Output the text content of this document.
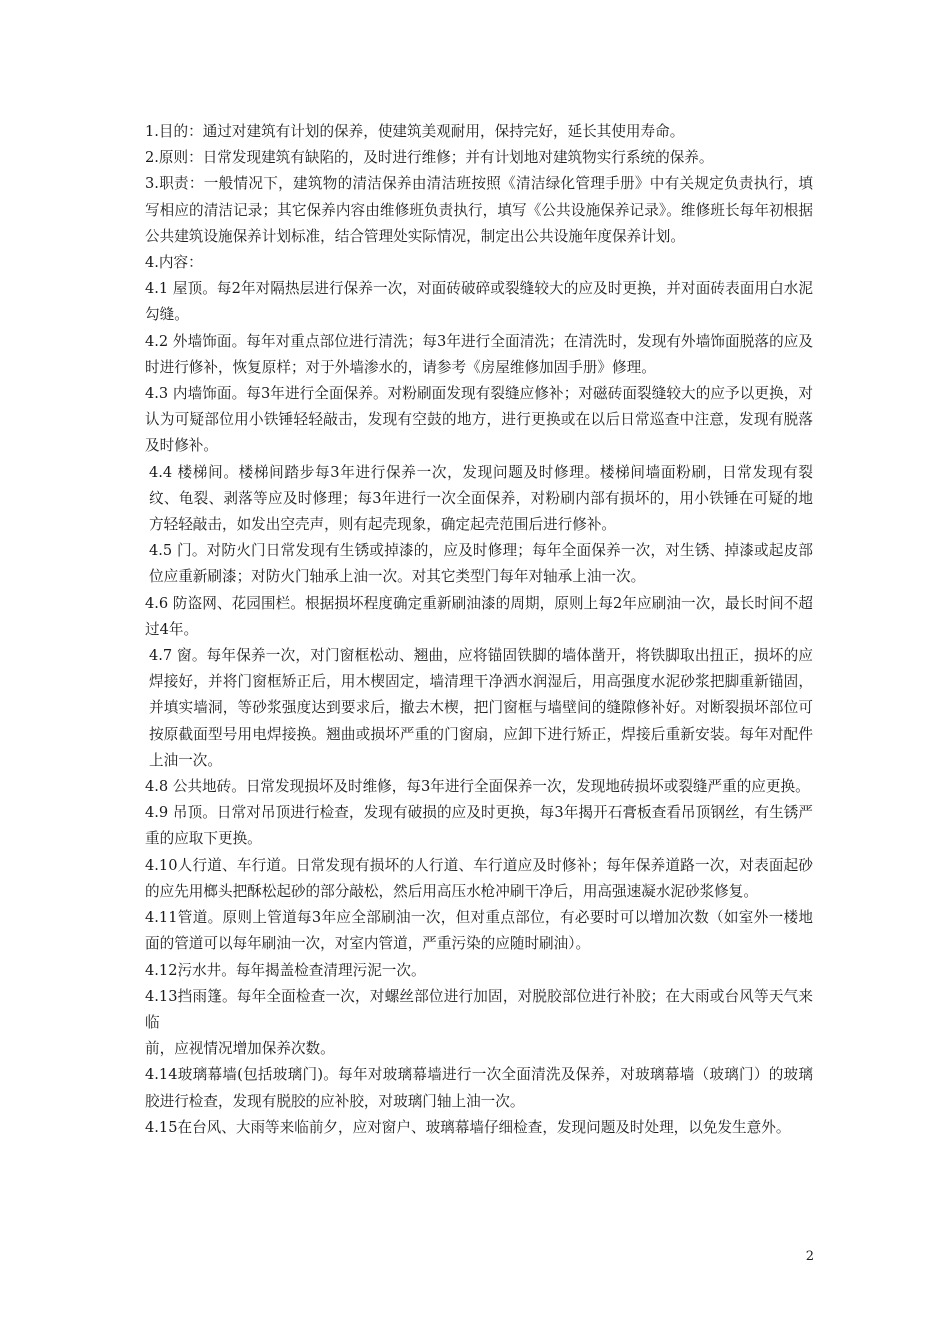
1.目的：通过对建筑有计划的保养，使建筑美观耐用，保持完好，延长其使用寿命。

2.原则：日常发现建筑有缺陷的，及时进行维修；并有计划地对建筑物实行系统的保养。

3.职责：一般情况下，建筑物的清洁保养由清洁班按照《清洁绿化管理手册》中有关规定负责执行，填写相应的清洁记录；其它保养内容由维修班负责执行，填写《公共设施保养记录》。维修班长每年初根据公共建筑设施保养计划标准，结合管理处实际情况，制定出公共设施年度保养计划。

4.内容：

4.1 屋顶。每2年对隔热层进行保养一次，对面砖破碎或裂缝较大的应及时更换，并对面砖表面用白水泥勾缝。

4.2 外墙饰面。每年对重点部位进行清洗；每3年进行全面清洗；在清洗时，发现有外墙饰面脱落的应及时进行修补，恢复原样；对于外墙渗水的，请参考《房屋维修加固手册》修理。

4.3 内墙饰面。每3年进行全面保养。对粉刷面发现有裂缝应修补；对磁砖面裂缝较大的应予以更换，对认为可疑部位用小铁锤轻轻敲击，发现有空鼓的地方，进行更换或在以后日常巡查中注意，发现有脱落及时修补。

4.4 楼梯间。楼梯间踏步每3年进行保养一次，发现问题及时修理。楼梯间墙面粉刷，日常发现有裂纹、龟裂、剥落等应及时修理；每3年进行一次全面保养，对粉刷内部有损坏的，用小铁锤在可疑的地方轻轻敲击，如发出空壳声，则有起壳现象，确定起壳范围后进行修补。

4.5 门。对防火门日常发现有生锈或掉漆的，应及时修理；每年全面保养一次，对生锈、掉漆或起皮部位应重新刷漆；对防火门轴承上油一次。对其它类型门每年对轴承上油一次。

4.6 防盗网、花园围栏。根据损坏程度确定重新刷油漆的周期，原则上每2年应刷油一次，最长时间不超过4年。

4.7 窗。每年保养一次，对门窗框松动、翘曲，应将锚固铁脚的墙体凿开，将铁脚取出扭正，损坏的应焊接好，并将门窗框矫正后，用木楔固定，墙清理干净洒水润湿后，用高强度水泥砂浆把脚重新锚固，并填实墙洞，等砂浆强度达到要求后，撤去木楔，把门窗框与墙壁间的缝隙修补好。对断裂损坏部位可按原截面型号用电焊接换。翘曲或损坏严重的门窗扇，应卸下进行矫正，焊接后重新安装。每年对配件上油一次。

4.8 公共地砖。日常发现损坏及时维修，每3年进行全面保养一次，发现地砖损坏或裂缝严重的应更换。

4.9 吊顶。日常对吊顶进行检查，发现有破损的应及时更换，每3年揭开石膏板查看吊顶钢丝，有生锈严重的应取下更换。

4.10人行道、车行道。日常发现有损坏的人行道、车行道应及时修补；每年保养道路一次，对表面起砂的应先用榔头把酥松起砂的部分敲松，然后用高压水枪冲刷干净后，用高强速凝水泥砂浆修复。

4.11管道。原则上管道每3年应全部刷油一次，但对重点部位，有必要时可以增加次数（如室外一楼地面的管道可以每年刷油一次，对室内管道，严重污染的应随时刷油）。

4.12污水井。每年揭盖检查清理污泥一次。

4.13挡雨篷。每年全面检查一次，对螺丝部位进行加固，对脱胶部位进行补胶；在大雨或台风等天气来临

前，应视情况增加保养次数。

4.14玻璃幕墙(包括玻璃门)。每年对玻璃幕墙进行一次全面清洗及保养，对玻璃幕墙（玻璃门）的玻璃胶进行检查，发现有脱胶的应补胶，对玻璃门轴上油一次。

4.15在台风、大雨等来临前夕，应对窗户、玻璃幕墙仔细检查，发现问题及时处理，以免发生意外。

2
